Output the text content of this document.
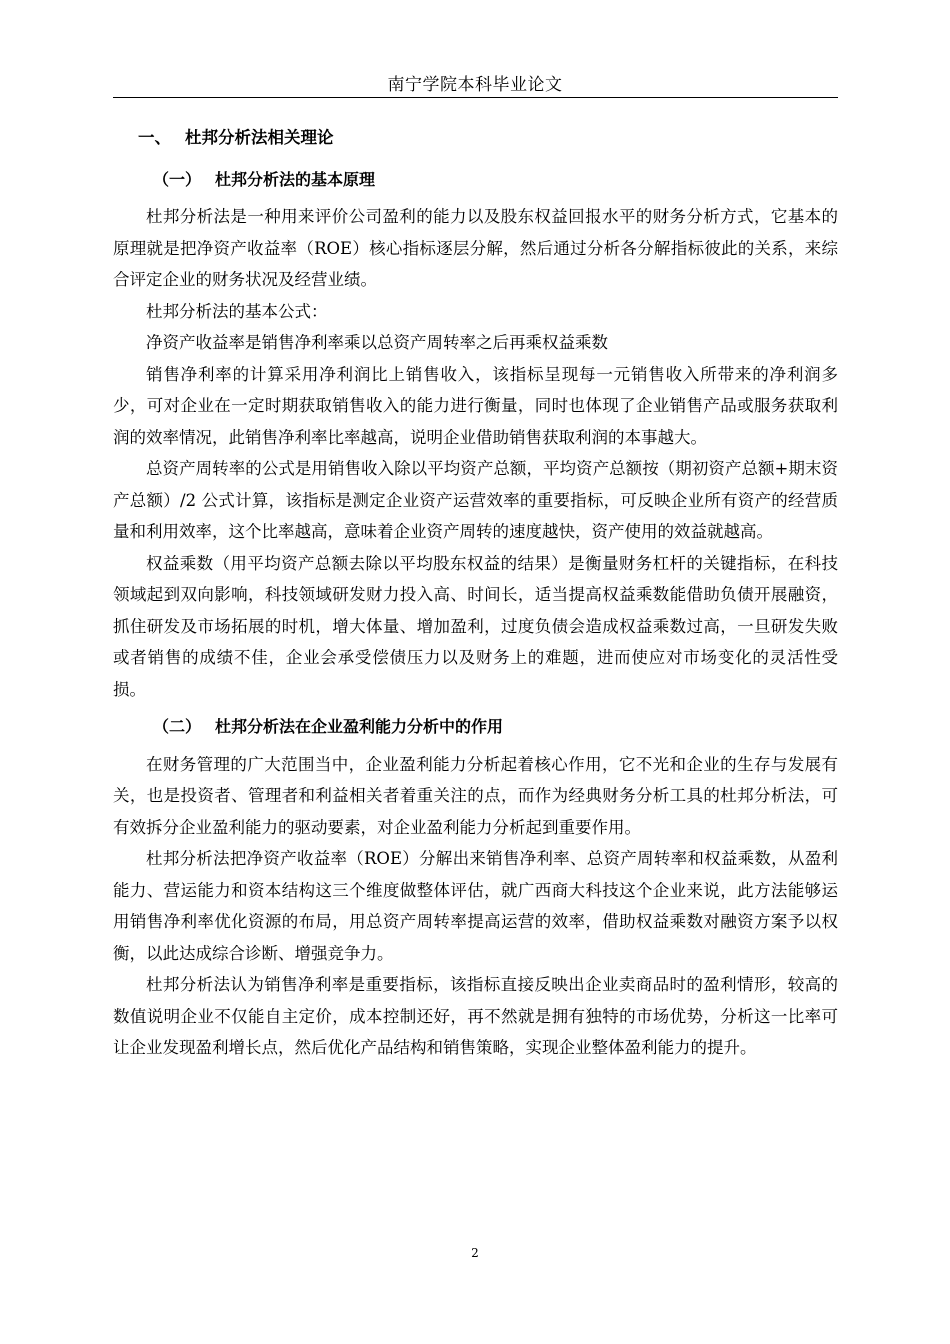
南宁学院本科毕业论文
一、 杜邦分析法相关理论
（一） 杜邦分析法的基本原理

杜邦分析法是一种用来评价公司盈利的能力以及股东权益回报水平的财务分析方式，它基本的原理就是把净资产收益率（ROE）核心指标逐层分解，然后通过分析各分解指标彼此的关系，来综合评定企业的财务状况及经营业绩。

杜邦分析法的基本公式：

净资产收益率是销售净利率乘以总资产周转率之后再乘权益乘数

销售净利率的计算采用净利润比上销售收入，该指标呈现每一元销售收入所带来的净利润多少，可对企业在一定时期获取销售收入的能力进行衡量，同时也体现了企业销售产品或服务获取利润的效率情况，此销售净利率比率越高，说明企业借助销售获取利润的本事越大。

总资产周转率的公式是用销售收入除以平均资产总额，平均资产总额按（期初资产总额+期末资产总额）/2 公式计算，该指标是测定企业资产运营效率的重要指标，可反映企业所有资产的经营质量和利用效率，这个比率越高，意味着企业资产周转的速度越快，资产使用的效益就越高。

权益乘数（用平均资产总额去除以平均股东权益的结果）是衡量财务杠杆的关键指标，在科技领域起到双向影响，科技领域研发财力投入高、时间长，适当提高权益乘数能借助负债开展融资，抓住研发及市场拓展的时机，增大体量、增加盈利，过度负债会造成权益乘数过高，一旦研发失败或者销售的成绩不佳，企业会承受偿债压力以及财务上的难题，进而使应对市场变化的灵活性受损。

（二） 杜邦分析法在企业盈利能力分析中的作用

在财务管理的广大范围当中，企业盈利能力分析起着核心作用，它不光和企业的生存与发展有关，也是投资者、管理者和利益相关者着重关注的点，而作为经典财务分析工具的杜邦分析法，可有效拆分企业盈利能力的驱动要素，对企业盈利能力分析起到重要作用。

杜邦分析法把净资产收益率（ROE）分解出来销售净利率、总资产周转率和权益乘数，从盈利能力、营运能力和资本结构这三个维度做整体评估，就广西商大科技这个企业来说，此方法能够运用销售净利率优化资源的布局，用总资产周转率提高运营的效率，借助权益乘数对融资方案予以权衡，以此达成综合诊断、增强竞争力。

杜邦分析法认为销售净利率是重要指标，该指标直接反映出企业卖商品时的盈利情形，较高的数值说明企业不仅能自主定价，成本控制还好，再不然就是拥有独特的市场优势，分析这一比率可让企业发现盈利增长点，然后优化产品结构和销售策略，实现企业整体盈利能力的提升。

2
